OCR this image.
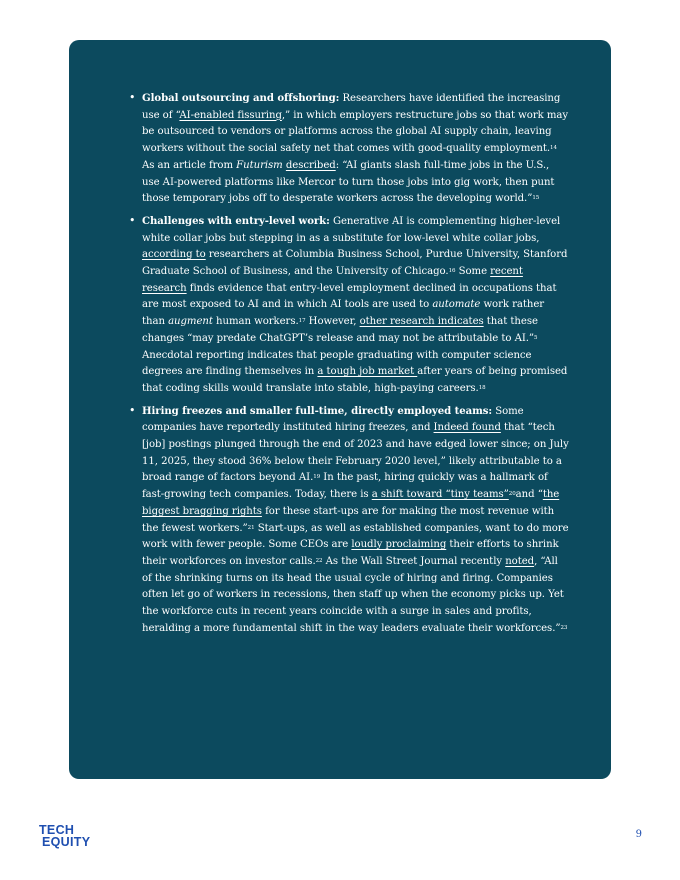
• Global outsourcing and offshoring: Researchers have identified the increasing use of “AI-enabled fissuring,” in which employers restructure jobs so that work may be outsourced to vendors or platforms across the global AI supply chain, leaving workers without the social safety net that comes with good-quality employment.$^{14}$ As an article from Futurism described: “AI giants slash full-time jobs in the U.S., use AI-powered platforms like Mercor to turn those jobs into gig work, then punt those temporary jobs off to desperate workers across the developing world.”$^{15}$

• Challenges with entry-level work: Generative AI is complementing higher-level white collar jobs but stepping in as a substitute for low-level white collar jobs, according to researchers at Columbia Business School, Purdue University, Stanford Graduate School of Business, and the University of Chicago.$^{16}$ Some recent research finds evidence that entry-level employment declined in occupations that are most exposed to AI and in which AI tools are used to automate work rather than augment human workers.$^{17}$ However, other research indicates that these changes “may predate ChatGPT’s release and may not be attributable to AI.”$^5$ Anecdotal reporting indicates that people graduating with computer science degrees are finding themselves in a tough job market after years of being promised that coding skills would translate into stable, high-paying careers.$^{18}$

• Hiring freezes and smaller full-time, directly employed teams: Some companies have reportedly instituted hiring freezes, and Indeed found that “tech [job] postings plunged through the end of 2023 and have edged lower since; on July 11, 2025, they stood 36% below their February 2020 level,” likely attributable to a broad range of factors beyond AI.$^{19}$ In the past, hiring quickly was a hallmark of fast-growing tech companies. Today, there is a shift toward “tiny teams”$^{20}$and “the biggest bragging rights for these start-ups are for making the most revenue with the fewest workers.”$^{21}$ Start-ups, as well as established companies, want to do more work with fewer people. Some CEOs are loudly proclaiming their efforts to shrink their workforces on investor calls.$^{22}$ As the Wall Street Journal recently noted, “All of the shrinking turns on its head the usual cycle of hiring and firing. Companies often let go of workers in recessions, then staff up when the economy picks up. Yet the workforce cuts in recent years coincide with a surge in sales and profits, heralding a more fundamental shift in the way leaders evaluate their workforces.”$^{23}$

TECH
EQUITY
9
